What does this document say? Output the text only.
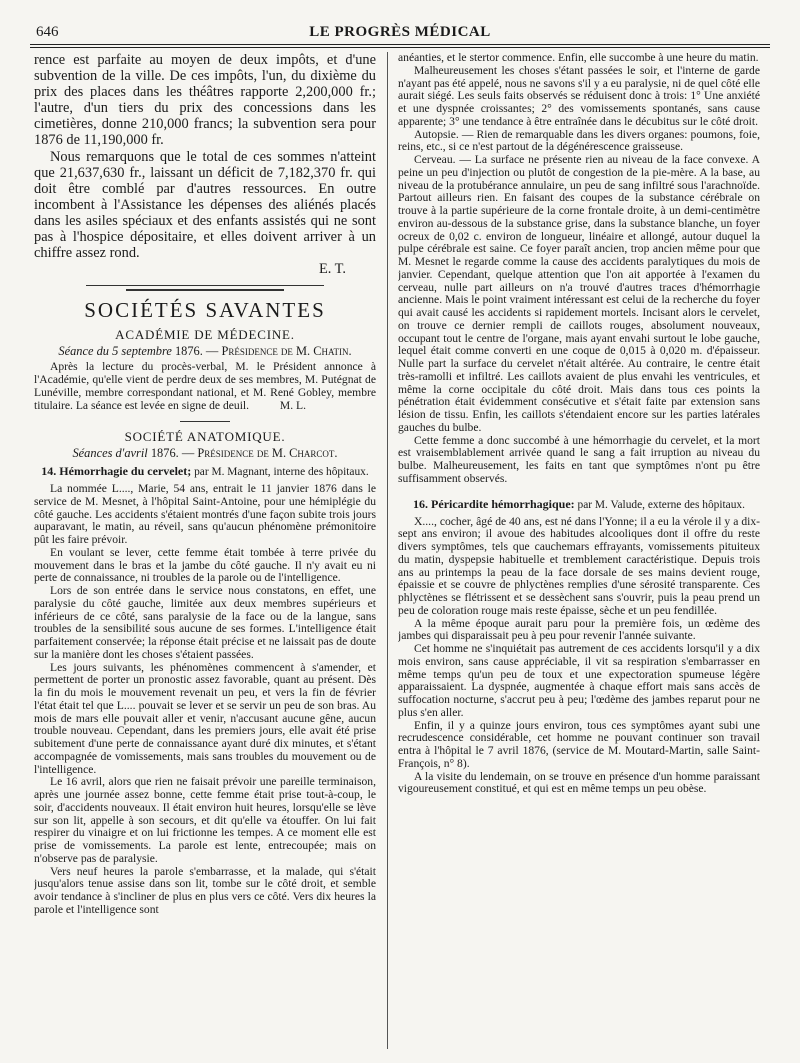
646	LE PROGRÈS MÉDICAL

rence est parfaite au moyen de deux impôts, et d'une subvention de la ville. De ces impôts, l'un, du dixième du prix des places dans les théâtres rapporte 2,200,000 fr.; l'autre, d'un tiers du prix des concessions dans les cimetières, donne 210,000 francs; la subvention sera pour 1876 de 11,190,000 fr.

Nous remarquons que le total de ces sommes n'atteint que 21,637,630 fr., laissant un déficit de 7,182,370 fr. qui doit être comblé par d'autres ressources. En outre incombent à l'Assistance les dépenses des aliénés placés dans les asiles spéciaux et des enfants assistés qui ne sont pas à l'hospice dépositaire, et elles doivent arriver à un chiffre assez rond.

E. T.

SOCIÉTÉS SAVANTES
ACADÉMIE DE MÉDECINE.
Séance du 5 septembre 1876. — Présidence de M. Chatin.

Après la lecture du procès-verbal, M. le Président annonce à l'Académie, qu'elle vient de perdre deux de ses membres, M. Putégnat de Lunéville, membre correspondant national, et M. René Gobley, membre titulaire. La séance est levée en signe de deuil.	M. L.

SOCIÉTÉ ANATOMIQUE.
Séances d'avril 1876. — Présidence de M. Charcot.

14. Hémorrhagie du cervelet; par M. Magnant, interne des hôpitaux.

La nommée L...., Marie, 54 ans, entrait le 11 janvier 1876 dans le service de M. Mesnet, à l'hôpital Saint-Antoine, pour une hémiplégie du côté gauche. Les accidents s'étaient montrés d'une façon subite trois jours auparavant, le matin, au réveil, sans qu'aucun phénomène prémonitoire pût les faire prévoir.

En voulant se lever, cette femme était tombée à terre privée du mouvement dans le bras et la jambe du côté gauche. Il n'y avait eu ni perte de connaissance, ni troubles de la parole ou de l'intelligence.

Lors de son entrée dans le service nous constatons, en effet, une paralysie du côté gauche, limitée aux deux membres supérieurs et inférieurs de ce côté, sans paralysie de la face ou de la langue, sans troubles de la sensibilité sous aucune de ses formes. L'intelligence était parfaitement conservée; la réponse était précise et ne laissait pas de doute sur la manière dont les choses s'étaient passées.

Les jours suivants, les phénomènes commencent à s'amender, et permettent de porter un pronostic assez favorable, quant au présent. Dès la fin du mois le mouvement revenait un peu, et vers la fin de février l'état était tel que L.... pouvait se lever et se servir un peu de son bras. Au mois de mars elle pouvait aller et venir, n'accusant aucune gêne, aucun trouble nouveau. Cependant, dans les premiers jours, elle avait été prise subitement d'une perte de connaissance ayant duré dix minutes, et s'étant accompagnée de vomissements, mais sans troubles du mouvement ou de l'intelligence.

Le 16 avril, alors que rien ne faisait prévoir une pareille terminaison, après une journée assez bonne, cette femme était prise tout-à-coup, le soir, d'accidents nouveaux. Il était environ huit heures, lorsqu'elle se lève sur son lit, appelle à son secours, et dit qu'elle va étouffer. On lui fait respirer du vinaigre et on lui frictionne les tempes. A ce moment elle est prise de vomissements. La parole est lente, entrecoupée; mais on n'observe pas de paralysie.

Vers neuf heures la parole s'embarrasse, et la malade, qui s'était jusqu'alors tenue assise dans son lit, tombe sur le côté droit, et semble avoir tendance à s'incliner de plus en plus vers ce côté. Vers dix heures la parole et l'intelligence sont

anéanties, et le stertor commence. Enfin, elle succombe à une heure du matin.

Malheureusement les choses s'étant passées le soir, et l'interne de garde n'ayant pas été appelé, nous ne savons s'il y a eu paralysie, ni de quel côté elle aurait siégé. Les seuls faits observés se réduisent donc à trois: 1° Une anxiété et une dyspnée croissantes; 2° des vomissements spontanés, sans cause apparente; 3° une tendance à être entraînée dans le décubitus sur le côté droit.

Autopsie. — Rien de remarquable dans les divers organes: poumons, foie, reins, etc., si ce n'est partout de la dégénérescence graisseuse.

Cerveau. — La surface ne présente rien au niveau de la face convexe. A peine un peu d'injection ou plutôt de congestion de la pie-mère. A la base, au niveau de la protubérance annulaire, un peu de sang infiltré sous l'arachnoïde. Partout ailleurs rien. En faisant des coupes de la substance cérébrale on trouve à la partie supérieure de la corne frontale droite, à un demi-centimètre environ au-dessous de la substance grise, dans la substance blanche, un foyer ocreux de 0,02 c. environ de longueur, linéaire et allongé, autour duquel la pulpe cérébrale est saine. Ce foyer paraît ancien, trop ancien même pour que M. Mesnet le regarde comme la cause des accidents paralytiques du mois de janvier. Cependant, quelque attention que l'on ait apportée à l'examen du cerveau, nulle part ailleurs on n'a trouvé d'autres traces d'hémorrhagie ancienne. Mais le point vraiment intéressant est celui de la recherche du foyer qui avait causé les accidents si rapidement mortels. Incisant alors le cervelet, on trouve ce dernier rempli de caillots rouges, absolument nouveaux, occupant tout le centre de l'organe, mais ayant envahi surtout le lobe gauche, lequel était comme converti en une coque de 0,015 à 0,020 m. d'épaisseur. Nulle part la surface du cervelet n'était altérée. Au contraire, le centre était très-ramolli et infiltré. Les caillots avaient de plus envahi les ventricules, et même la corne occipitale du côté droit. Mais dans tous ces points la pénétration était évidemment consécutive et s'était faite par extension sans lésion de tissu. Enfin, les caillots s'étendaient encore sur les parties latérales gauches du bulbe.

Cette femme a donc succombé à une hémorrhagie du cervelet, et la mort est vraisemblablement arrivée quand le sang a fait irruption au niveau du bulbe. Malheureusement, les faits en tant que symptômes n'ont pu être suffisamment observés.

16. Péricardite hémorrhagique: par M. Valude, externe des hôpitaux.

X...., cocher, âgé de 40 ans, est né dans l'Yonne; il a eu la vérole il y a dix-sept ans environ; il avoue des habitudes alcooliques dont il offre du reste divers symptômes, tels que cauchemars effrayants, vomissements pituiteux du matin, dyspepsie habituelle et tremblement caractéristique. Depuis trois ans au printemps la peau de la face dorsale de ses mains devient rouge, épaissie et se couvre de phlyctènes remplies d'une sérosité transparente. Ces phlyctènes se flétrissent et se dessèchent sans s'ouvrir, puis la peau prend un peu de coloration rouge mais reste épaisse, sèche et un peu fendillée.

A la même époque aurait paru pour la première fois, un œdème des jambes qui disparaissait peu à peu pour revenir l'année suivante.

Cet homme ne s'inquiétait pas autrement de ces accidents lorsqu'il y a dix mois environ, sans cause appréciable, il vit sa respiration s'embarrasser en même temps qu'un peu de toux et une expectoration spumeuse légère apparaissaient. La dyspnée, augmentée à chaque effort mais sans accès de suffocation nocturne, s'accrut peu à peu; l'œdème des jambes reparut pour ne plus s'en aller.

Enfin, il y a quinze jours environ, tous ces symptômes ayant subi une recrudescence considérable, cet homme ne pouvant continuer son travail entra à l'hôpital le 7 avril 1876, (service de M. Moutard-Martin, salle Saint-François, n° 8).

A la visite du lendemain, on se trouve en présence d'un homme paraissant vigoureusement constitué, et qui est en même temps un peu obèse.
